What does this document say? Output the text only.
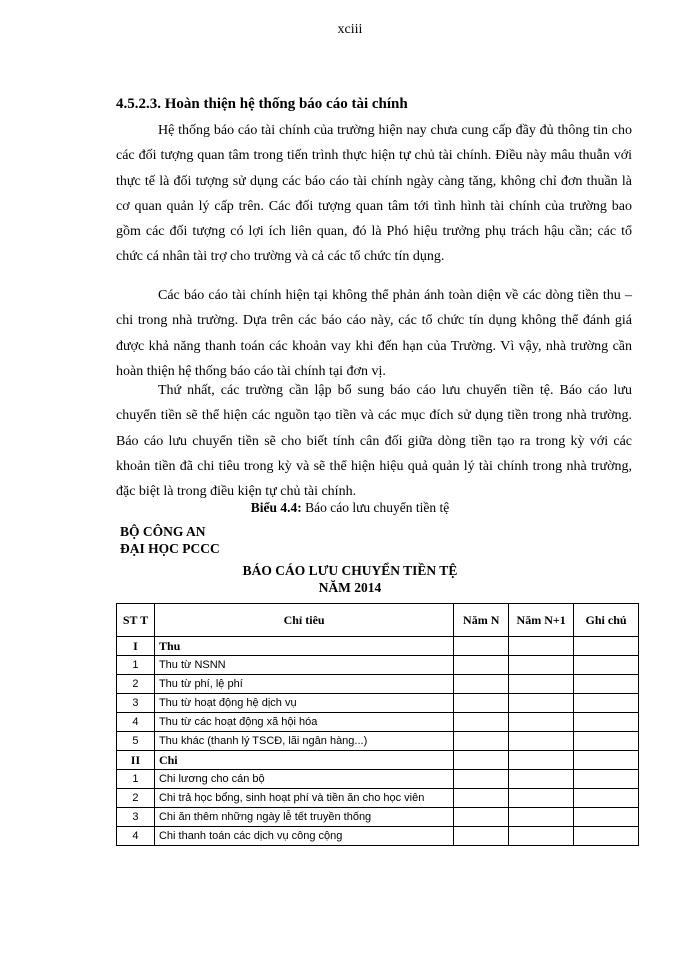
xciii
4.5.2.3. Hoàn thiện hệ thống báo cáo tài chính

Hệ thống báo cáo tài chính của trường hiện nay chưa cung cấp đầy đủ thông tin cho các đối tượng quan tâm trong tiến trình thực hiện tự chủ tài chính. Điều này mâu thuẫn với thực tế là đối tượng sử dụng các báo cáo tài chính ngày càng tăng, không chỉ đơn thuần là cơ quan quản lý cấp trên. Các đối tượng quan tâm tới tình hình tài chính của trường bao gồm các đối tượng có lợi ích liên quan, đó là Phó hiệu trưởng phụ trách hậu cần; các tổ chức cá nhân tài trợ cho trường và cả các tổ chức tín dụng.

Các báo cáo tài chính hiện tại không thể phản ánh toàn diện về các dòng tiền thu – chi trong nhà trường. Dựa trên các báo cáo này, các tổ chức tín dụng không thể đánh giá được khả năng thanh toán các khoản vay khi đến hạn của Trường. Vì vậy, nhà trường cần hoàn thiện hệ thống báo cáo tài chính tại đơn vị.

Thứ nhất, các trường cần lập bổ sung báo cáo lưu chuyển tiền tệ. Báo cáo lưu chuyển tiền sẽ thể hiện các nguồn tạo tiền và các mục đích sử dụng tiền trong nhà trường. Báo cáo lưu chuyển tiền sẽ cho biết tính cân đối giữa dòng tiền tạo ra trong kỳ với các khoản tiền đã chi tiêu trong kỳ và sẽ thể hiện hiệu quả quản lý tài chính trong nhà trường, đặc biệt là trong điều kiện tự chủ tài chính.

Biểu 4.4: Báo cáo lưu chuyển tiền tệ
BỘ CÔNG AN
ĐẠI HỌC PCCC
BÁO CÁO LƯU CHUYỂN TIỀN TỆ
NĂM 2014
ST T	Chỉ tiêu	Năm N	Năm N+1	Ghi chú
I	Thu			
1	Thu từ NSNN			
2	Thu từ phí, lệ phí			
3	Thu từ hoạt động hệ dịch vụ			
4	Thu từ các hoạt động xã hội hóa			
5	Thu khác (thanh lý TSCĐ, lãi ngân hàng...)			
II	Chi			
1	Chi lương cho cán bộ			
2	Chi trả học bổng, sinh hoạt phí và tiền ăn cho học viên			
3	Chi ăn thêm những ngày lễ tết truyền thống			
4	Chi thanh toán các dịch vụ công cộng			
